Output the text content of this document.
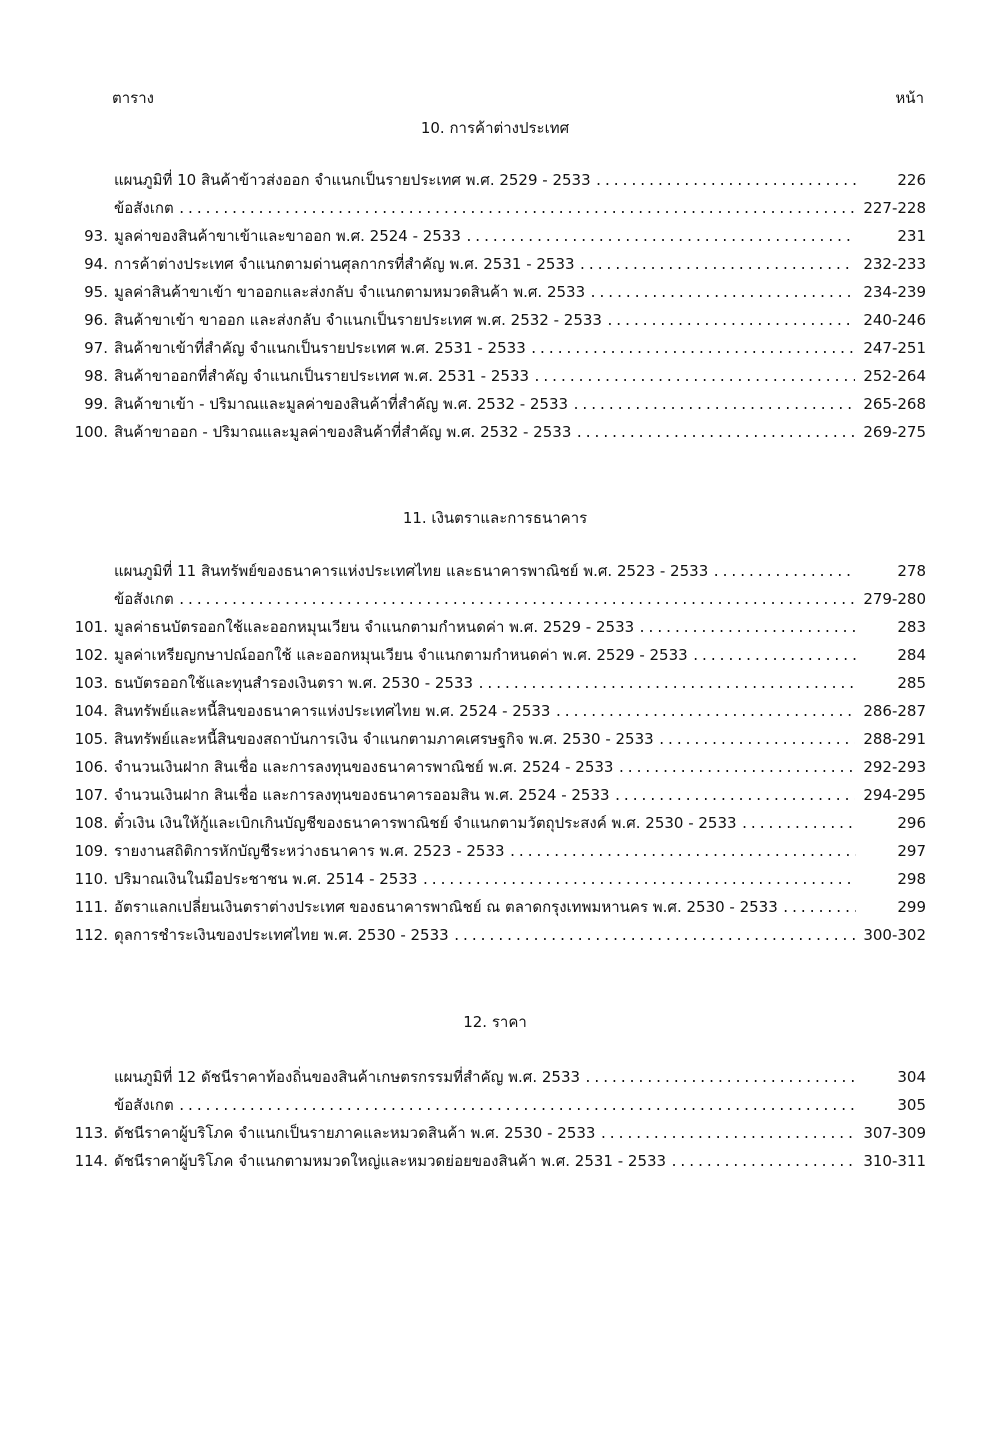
ตาราง	หน้า
10. การค้าต่างประเทศ
แผนภูมิที่ 10 สินค้าข้าวส่งออก จำแนกเป็นรายประเทศ พ.ศ. 2529 - 2533 .....	226
ข้อสังเกต .....	227-228
93. มูลค่าของสินค้าขาเข้าและขาออก พ.ศ. 2524 - 2533 .....	231
94. การค้าต่างประเทศ จำแนกตามด่านศุลกากรที่สำคัญ พ.ศ. 2531 - 2533 .....	232-233
95. มูลค่าสินค้าขาเข้า ขาออกและส่งกลับ จำแนกตามหมวดสินค้า พ.ศ. 2533 .....	234-239
96. สินค้าขาเข้า ขาออก และส่งกลับ จำแนกเป็นรายประเทศ พ.ศ. 2532 - 2533 .....	240-246
97. สินค้าขาเข้าที่สำคัญ จำแนกเป็นรายประเทศ พ.ศ. 2531 - 2533 .....	247-251
98. สินค้าขาออกที่สำคัญ จำแนกเป็นรายประเทศ พ.ศ. 2531 - 2533 .....	252-264
99. สินค้าขาเข้า - ปริมาณและมูลค่าของสินค้าที่สำคัญ พ.ศ. 2532 - 2533 .....	265-268
100. สินค้าขาออก - ปริมาณและมูลค่าของสินค้าที่สำคัญ พ.ศ. 2532 - 2533 .....	269-275
11. เงินตราและการธนาคาร
แผนภูมิที่ 11 สินทรัพย์ของธนาคารแห่งประเทศไทย และธนาคารพาณิชย์ พ.ศ. 2523 - 2533 .....	278
ข้อสังเกต .....	279-280
101. มูลค่าธนบัตรออกใช้และออกหมุนเวียน จำแนกตามกำหนดค่า พ.ศ. 2529 - 2533 .....	283
102. มูลค่าเหรียญกษาปณ์ออกใช้ และออกหมุนเวียน จำแนกตามกำหนดค่า พ.ศ. 2529 - 2533 .....	284
103. ธนบัตรออกใช้และทุนสำรองเงินตรา พ.ศ. 2530 - 2533 .....	285
104. สินทรัพย์และหนี้สินของธนาคารแห่งประเทศไทย พ.ศ. 2524 - 2533 .....	286-287
105. สินทรัพย์และหนี้สินของสถาบันการเงิน จำแนกตามภาคเศรษฐกิจ พ.ศ. 2530 - 2533 .....	288-291
106. จำนวนเงินฝาก สินเชื่อ และการลงทุนของธนาคารพาณิชย์ พ.ศ. 2524 - 2533 .....	292-293
107. จำนวนเงินฝาก สินเชื่อ และการลงทุนของธนาคารออมสิน พ.ศ. 2524 - 2533 .....	294-295
108. ตั๋วเงิน เงินให้กู้และเบิกเกินบัญชีของธนาคารพาณิชย์ จำแนกตามวัตถุประสงค์ พ.ศ. 2530 - 2533 .....	296
109. รายงานสถิติการหักบัญชีระหว่างธนาคาร พ.ศ. 2523 - 2533 .....	297
110. ปริมาณเงินในมือประชาชน พ.ศ. 2514 - 2533 .....	298
111. อัตราแลกเปลี่ยนเงินตราต่างประเทศ ของธนาคารพาณิชย์ ณ ตลาดกรุงเทพมหานคร พ.ศ. 2530 - 2533 .....	299
112. ดุลการชำระเงินของประเทศไทย พ.ศ. 2530 - 2533 .....	300-302
12. ราคา
แผนภูมิที่ 12 ดัชนีราคาท้องถิ่นของสินค้าเกษตรกรรมที่สำคัญ พ.ศ. 2533 .....	304
ข้อสังเกต .....	305
113. ดัชนีราคาผู้บริโภค จำแนกเป็นรายภาคและหมวดสินค้า พ.ศ. 2530 - 2533 .....	307-309
114. ดัชนีราคาผู้บริโภค จำแนกตามหมวดใหญ่และหมวดย่อยของสินค้า พ.ศ. 2531 - 2533 .....	310-311
